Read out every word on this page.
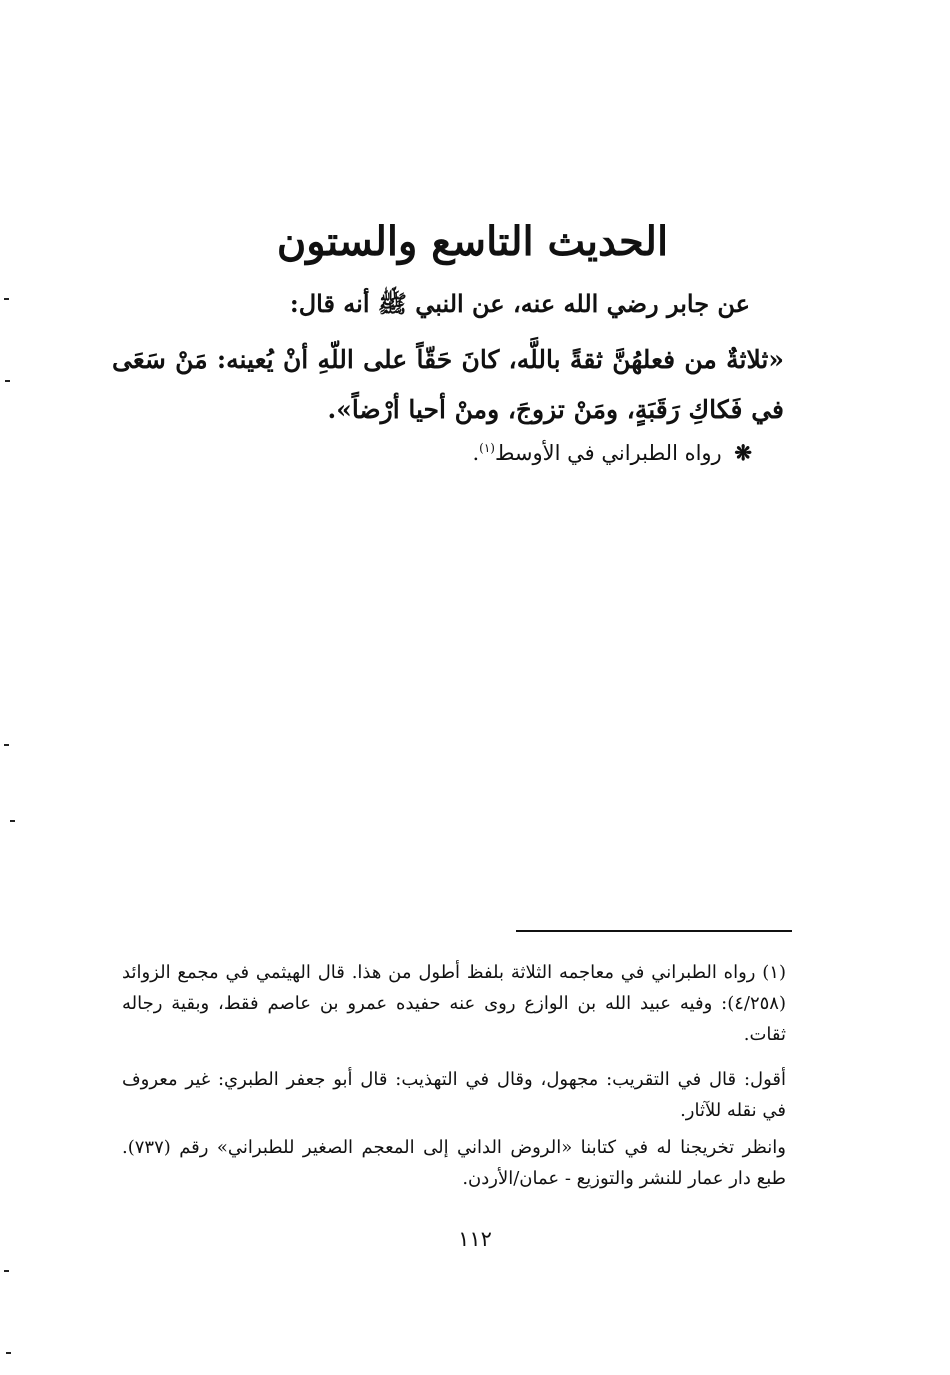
الحديث التاسع والستون
عن جابر رضي الله عنه، عن النبي ﷺ أنه قال:
«ثلاثةٌ من فعلهُنَّ ثقةً باللَّه، كانَ حَقّاً على اللّهِ أنْ يُعينه: مَنْ سَعَى في فَكاكِ رَقَبَةٍ، ومَنْ تزوجَ، ومنْ أحيا أرْضاً».
❋ رواه الطبراني في الأوسط$^{(١)}$.
(١) رواه الطبراني في معاجمه الثلاثة بلفظ أطول من هذا. قال الهيثمي في مجمع الزوائد (٤/٢٥٨): وفيه عبيد الله بن الوازع روى عنه حفيده عمرو بن عاصم فقط، وبقية رجاله ثقات.
أقول: قال في التقريب: مجهول، وقال في التهذيب: قال أبو جعفر الطبري: غير معروف في نقله للآثار.
وانظر تخريجنا له في كتابنا «الروض الداني إلى المعجم الصغير للطبراني» رقم (٧٣٧). طبع دار عمار للنشر والتوزيع - عمان/الأردن.
١١٢
